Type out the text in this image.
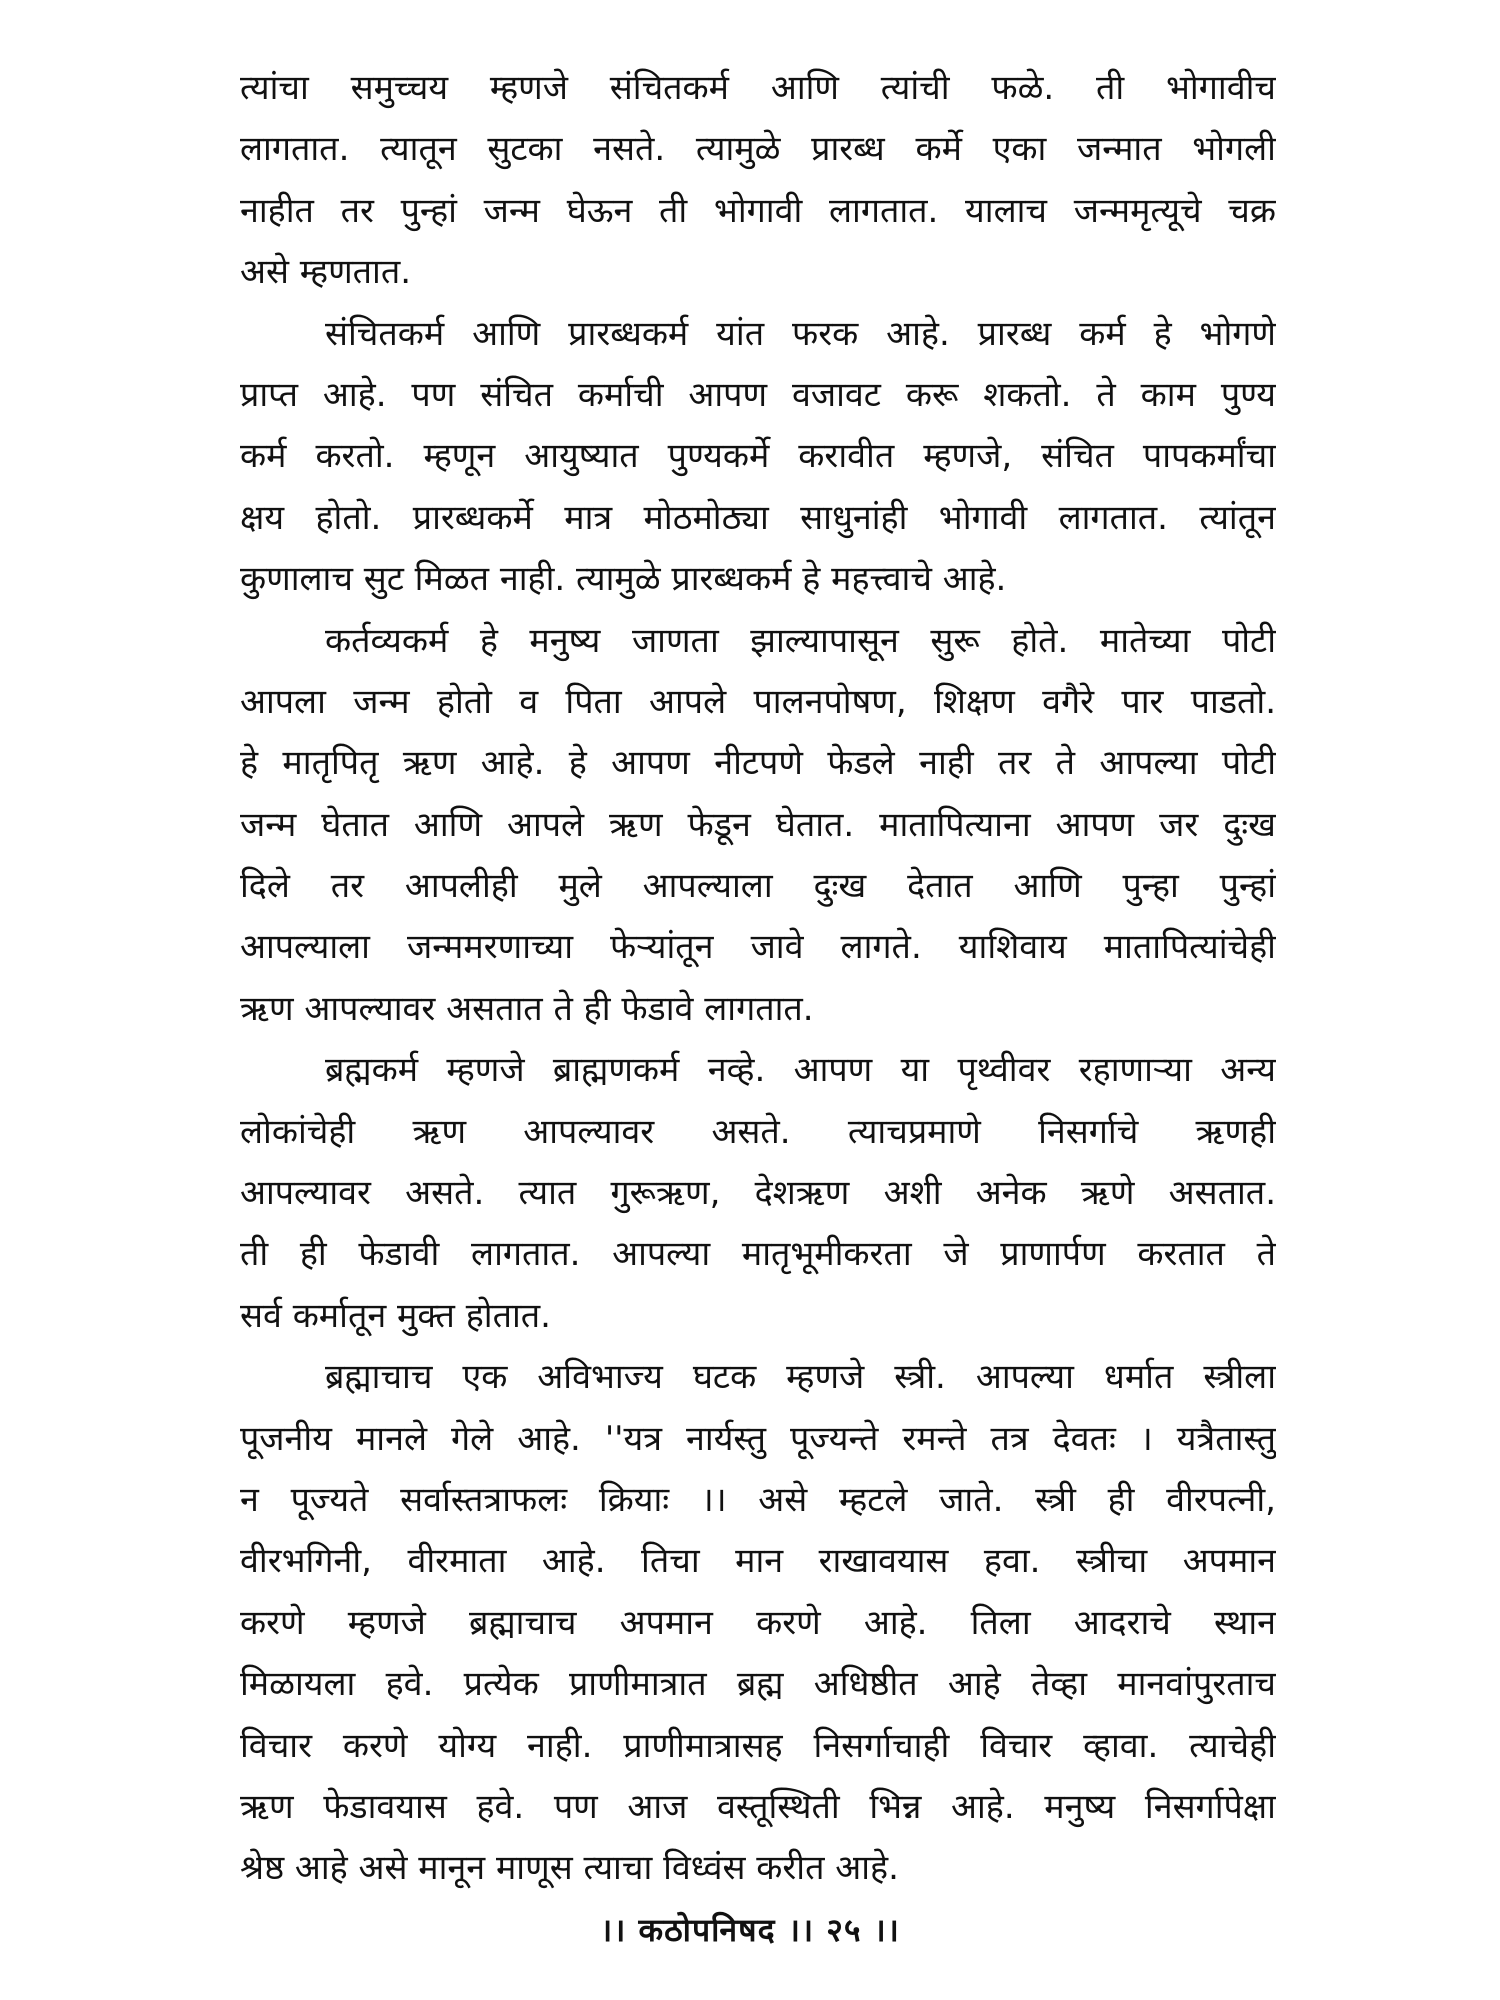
त्यांचा समुच्चय म्हणजे संचितकर्म आणि त्यांची फळे. ती भोगावीच
लागतात. त्यातून सुटका नसते. त्यामुळे प्रारब्ध कर्मे एका जन्मात भोगली
नाहीत तर पुन्हां जन्म घेऊन ती भोगावी लागतात. यालाच जन्ममृत्यूचे चक्र
असे म्हणतात.
संचितकर्म आणि प्रारब्धकर्म यांत फरक आहे. प्रारब्ध कर्म हे भोगणे
प्राप्त आहे. पण संचित कर्माची आपण वजावट करू शकतो. ते काम पुण्य
कर्म करतो. म्हणून आयुष्यात पुण्यकर्मे करावीत म्हणजे, संचित पापकर्मांचा
क्षय होतो. प्रारब्धकर्मे मात्र मोठमोठ्या साधुनांही भोगावी लागतात. त्यांतून
कुणालाच सुट मिळत नाही. त्यामुळे प्रारब्धकर्म हे महत्त्वाचे आहे.
कर्तव्यकर्म हे मनुष्य जाणता झाल्यापासून सुरू होते. मातेच्या पोटी
आपला जन्म होतो व पिता आपले पालनपोषण, शिक्षण वगैरे पार पाडतो.
हे मातृपितृ ऋण आहे. हे आपण नीटपणे फेडले नाही तर ते आपल्या पोटी
जन्म घेतात आणि आपले ऋण फेडून घेतात. मातापित्याना आपण जर दुःख
दिले तर आपलीही मुले आपल्याला दुःख देतात आणि पुन्हा पुन्हां
आपल्याला जन्ममरणाच्या फेऱ्यांतून जावे लागते. याशिवाय मातापित्यांचेही
ऋण आपल्यावर असतात ते ही फेडावे लागतात.
ब्रह्मकर्म म्हणजे ब्राह्मणकर्म नव्हे. आपण या पृथ्वीवर रहाणाऱ्या अन्य
लोकांचेही ऋण आपल्यावर असते. त्याचप्रमाणे निसर्गाचे ऋणही
आपल्यावर असते. त्यात गुरूऋण, देशऋण अशी अनेक ऋणे असतात.
ती ही फेडावी लागतात. आपल्या मातृभूमीकरता जे प्राणार्पण करतात ते
सर्व कर्मातून मुक्त होतात.
ब्रह्माचाच एक अविभाज्य घटक म्हणजे स्त्री. आपल्या धर्मात स्त्रीला
पूजनीय मानले गेले आहे. ''यत्र नार्यस्तु पूज्यन्ते रमन्ते तत्र देवतः । यत्रैतास्तु
न पूज्यते सर्वास्तत्राफलः क्रियाः ।। असे म्हटले जाते. स्त्री ही वीरपत्नी,
वीरभगिनी, वीरमाता आहे. तिचा मान राखावयास हवा. स्त्रीचा अपमान
करणे म्हणजे ब्रह्माचाच अपमान करणे आहे. तिला आदराचे स्थान
मिळायला हवे. प्रत्येक प्राणीमात्रात ब्रह्म अधिष्ठीत आहे तेव्हा मानवांपुरताच
विचार करणे योग्य नाही. प्राणीमात्रासह निसर्गाचाही विचार व्हावा. त्याचेही
ऋण फेडावयास हवे. पण आज वस्तूस्थिती भिन्न आहे. मनुष्य निसर्गापेक्षा
श्रेष्ठ आहे असे मानून माणूस त्याचा विध्वंस करीत आहे.
।। कठोपनिषद ।। २५ ।।
